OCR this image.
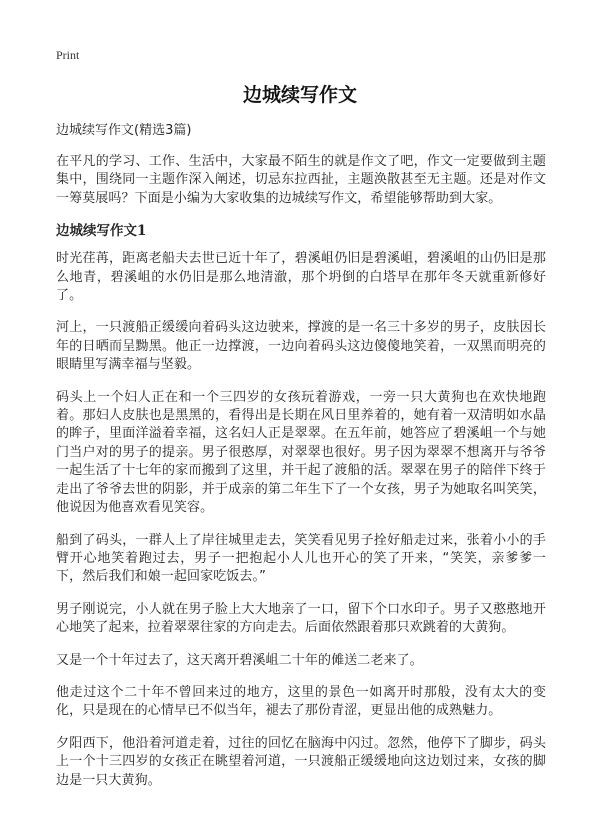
Print
边城续写作文
边城续写作文(精选3篇)

在平凡的学习、工作、生活中，大家最不陌生的就是作文了吧，作文一定要做到主题集中，围绕同一主题作深入阐述，切忌东拉西扯，主题涣散甚至无主题。还是对作文一筹莫展吗？下面是小编为大家收集的边城续写作文，希望能够帮助到大家。

边城续写作文1

时光荏苒，距离老船夫去世已近十年了，碧溪岨仍旧是碧溪岨，碧溪岨的山仍旧是那么地青，碧溪岨的水仍旧是那么地清澈，那个坍倒的白塔早在那年冬天就重新修好了。

河上，一只渡船正缓缓向着码头这边驶来，撑渡的是一名三十多岁的男子，皮肤因长年的日晒而呈黝黑。他正一边撑渡，一边向着码头这边傻傻地笑着，一双黑而明亮的眼睛里写满幸福与坚毅。

码头上一个妇人正在和一个三四岁的女孩玩着游戏，一旁一只大黄狗也在欢快地跑着。那妇人皮肤也是黑黑的，看得出是长期在风日里养着的，她有着一双清明如水晶的眸子，里面洋溢着幸福，这名妇人正是翠翠。在五年前，她答应了碧溪岨一个与她门当户对的男子的提亲。男子很憨厚，对翠翠也很好。男子因为翠翠不想离开与爷爷一起生活了十七年的家而搬到了这里，并干起了渡船的活。翠翠在男子的陪伴下终于走出了爷爷去世的阴影，并于成亲的第二年生下了一个女孩，男子为她取名叫笑笑，他说因为他喜欢看见笑容。

船到了码头，一群人上了岸往城里走去，笑笑看见男子拴好船走过来，张着小小的手臂开心地笑着跑过去，男子一把抱起小人儿也开心的笑了开来，“笑笑，亲爹爹一下，然后我们和娘一起回家吃饭去。”

男子刚说完，小人就在男子脸上大大地亲了一口，留下个口水印子。男子又憨憨地开心地笑了起来，拉着翠翠往家的方向走去。后面依然跟着那只欢跳着的大黄狗。

又是一个十年过去了，这天离开碧溪岨二十年的傩送二老来了。

他走过这个二十年不曾回来过的地方，这里的景色一如离开时那般，没有太大的变化，只是现在的心情早已不似当年，褪去了那份青涩，更显出他的成熟魅力。

夕阳西下，他沿着河道走着，过往的回忆在脑海中闪过。忽然，他停下了脚步，码头上一个十三四岁的女孩正在眺望着河道，一只渡船正缓缓地向这边划过来，女孩的脚边是一只大黄狗。
